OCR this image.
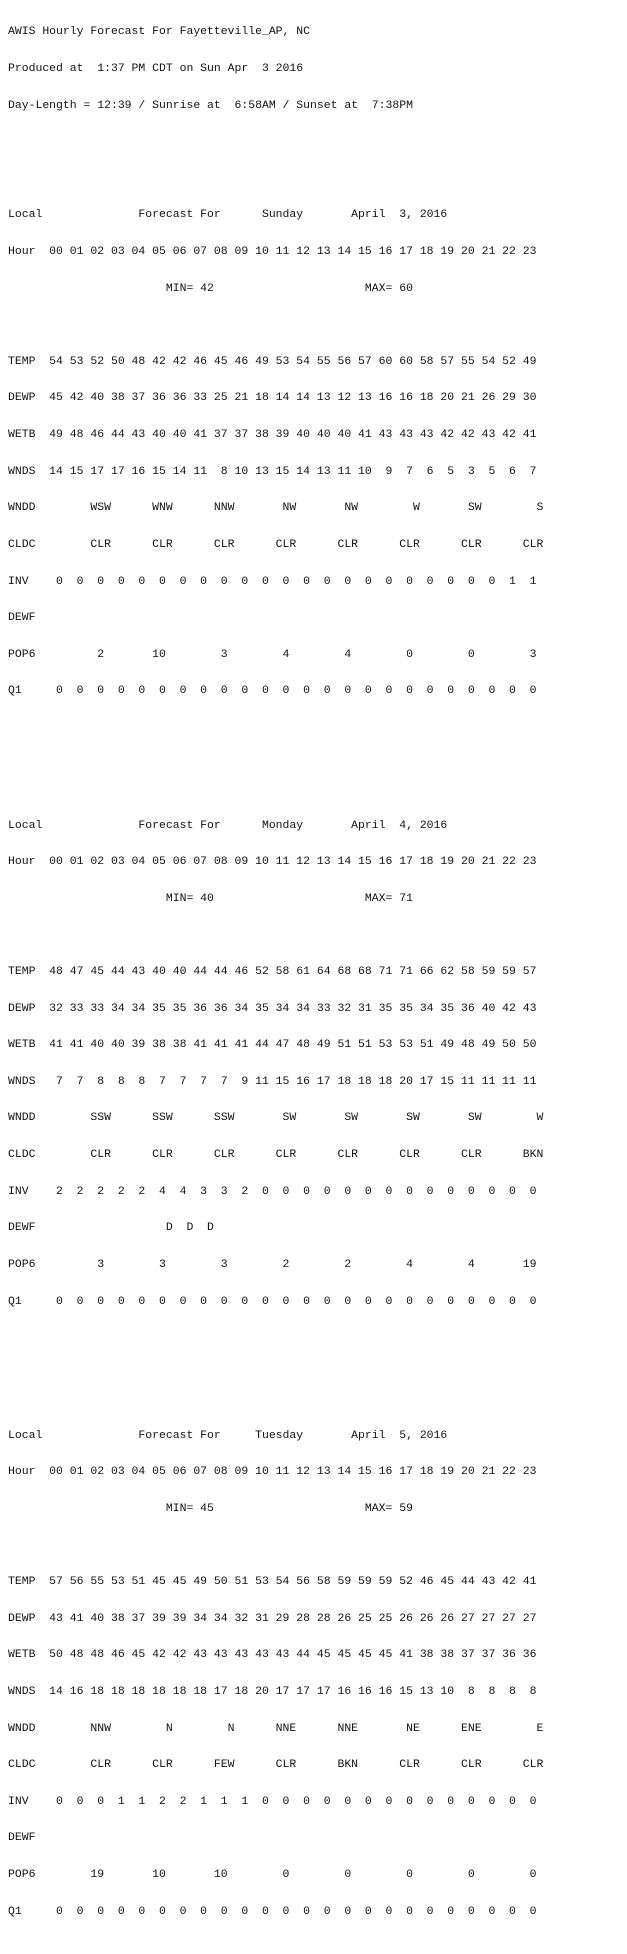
AWIS Hourly Forecast For Fayetteville_AP, NC

Produced at  1:37 PM CDT on Sun Apr  3 2016

Day-Length = 12:39 / Sunrise at  6:58AM / Sunset at  7:38PM

Local              Forecast For      Sunday       April  3, 2016

Hour  00 01 02 03 04 05 06 07 08 09 10 11 12 13 14 15 16 17 18 19 20 21 22 23

MIN= 42                      MAX= 60

TEMP  54 53 52 50 48 42 42 46 45 46 49 53 54 55 56 57 60 60 58 57 55 54 52 49

DEWP  45 42 40 38 37 36 36 33 25 21 18 14 14 13 12 13 16 16 18 20 21 26 29 30

WETB  49 48 46 44 43 40 40 41 37 37 38 39 40 40 40 41 43 43 43 42 42 43 42 41

WNDS  14 15 17 17 16 15 14 11  8 10 13 15 14 13 11 10  9  7  6  5  3  5  6  7

WNDD        WSW      WNW      NNW       NW       NW        W       SW        S

CLDC        CLR      CLR      CLR      CLR      CLR      CLR      CLR      CLR

INV    0  0  0  0  0  0  0  0  0  0  0  0  0  0  0  0  0  0  0  0  0  0  1  1

DEWF

POP6         2       10        3        4        4        0        0        3

Q1     0  0  0  0  0  0  0  0  0  0  0  0  0  0  0  0  0  0  0  0  0  0  0  0

Local              Forecast For      Monday       April  4, 2016

Hour  00 01 02 03 04 05 06 07 08 09 10 11 12 13 14 15 16 17 18 19 20 21 22 23

MIN= 40                      MAX= 71

TEMP  48 47 45 44 43 40 40 44 44 46 52 58 61 64 68 68 71 71 66 62 58 59 59 57

DEWP  32 33 33 34 34 35 35 36 36 34 35 34 34 33 32 31 35 35 34 35 36 40 42 43

WETB  41 41 40 40 39 38 38 41 41 41 44 47 48 49 51 51 53 53 51 49 48 49 50 50

WNDS   7  7  8  8  8  7  7  7  7  9 11 15 16 17 18 18 18 20 17 15 11 11 11 11

WNDD        SSW      SSW      SSW       SW       SW       SW       SW        W

CLDC        CLR      CLR      CLR      CLR      CLR      CLR      CLR      BKN

INV    2  2  2  2  2  4  4  3  3  2  0  0  0  0  0  0  0  0  0  0  0  0  0  0

DEWF                   D  D  D

POP6         3        3        3        2        2        4        4       19

Q1     0  0  0  0  0  0  0  0  0  0  0  0  0  0  0  0  0  0  0  0  0  0  0  0

Local              Forecast For     Tuesday       April  5, 2016

Hour  00 01 02 03 04 05 06 07 08 09 10 11 12 13 14 15 16 17 18 19 20 21 22 23

MIN= 45                      MAX= 59

TEMP  57 56 55 53 51 45 45 49 50 51 53 54 56 58 59 59 59 52 46 45 44 43 42 41

DEWP  43 41 40 38 37 39 39 34 34 32 31 29 28 28 26 25 25 26 26 26 27 27 27 27

WETB  50 48 48 46 45 42 42 43 43 43 43 43 44 45 45 45 45 41 38 38 37 37 36 36

WNDS  14 16 18 18 18 18 18 18 17 18 20 17 17 17 16 16 16 15 13 10  8  8  8  8

WNDD        NNW        N        N      NNE      NNE       NE      ENE        E

CLDC        CLR      CLR      FEW      CLR      BKN      CLR      CLR      CLR

INV    0  0  0  1  1  2  2  1  1  1  0  0  0  0  0  0  0  0  0  0  0  0  0  0

DEWF

POP6        19       10       10        0        0        0        0        0

Q1     0  0  0  0  0  0  0  0  0  0  0  0  0  0  0  0  0  0  0  0  0  0  0  0
